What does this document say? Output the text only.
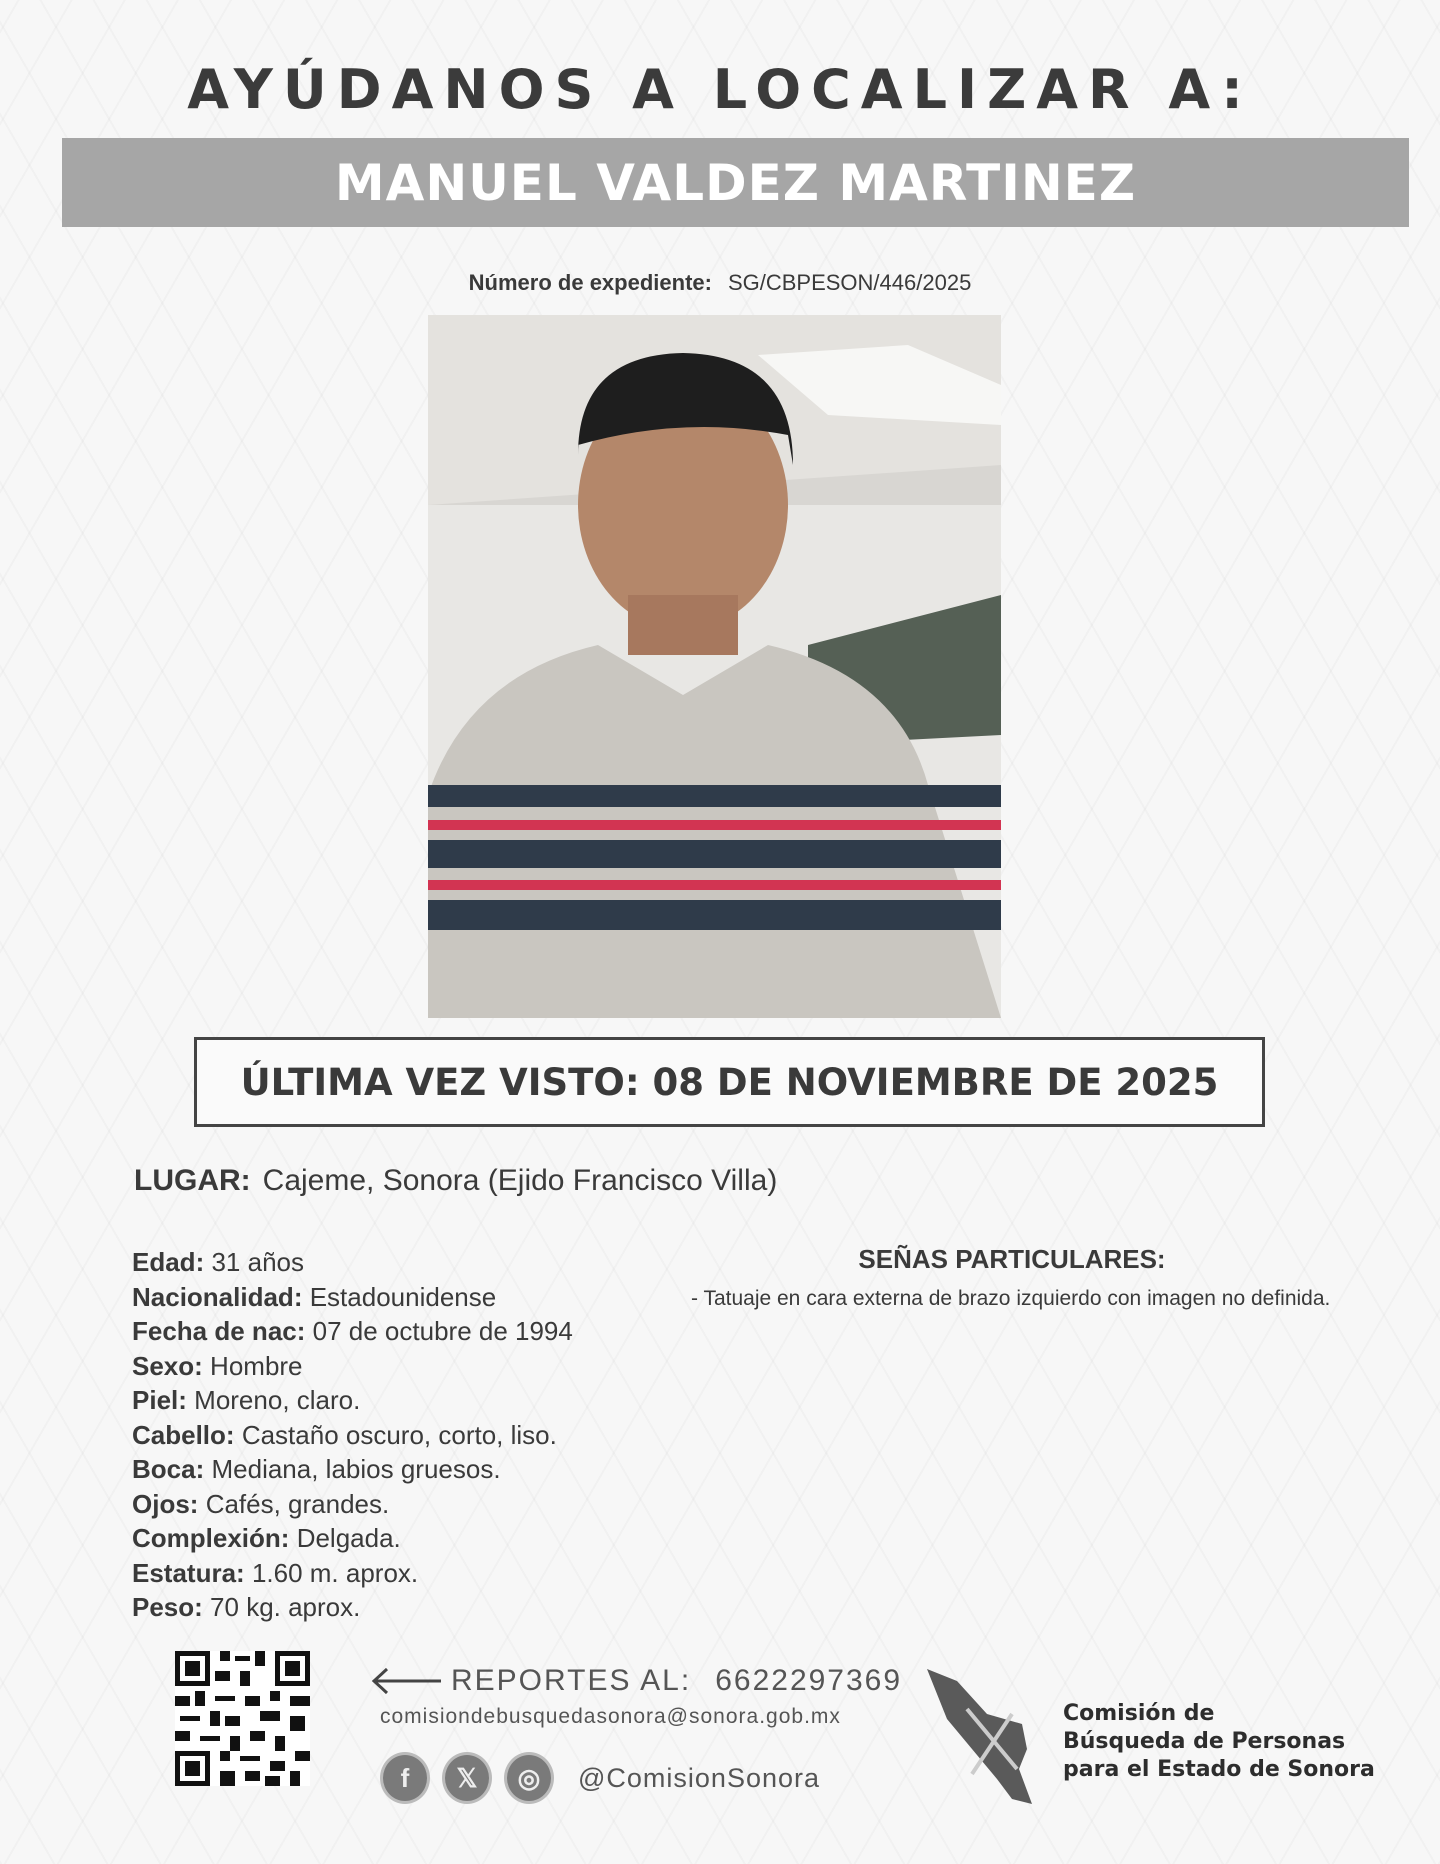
AYÚDANOS A LOCALIZAR A:
MANUEL VALDEZ MARTINEZ
Número de expediente: SG/CBPESON/446/2025
ÚLTIMA VEZ VISTO: 08 DE NOVIEMBRE DE 2025
LUGAR: Cajeme, Sonora (Ejido Francisco Villa)
Edad: 31 años
Nacionalidad: Estadounidense
Fecha de nac: 07 de octubre de 1994
Sexo: Hombre
Piel: Moreno, claro.
Cabello: Castaño oscuro, corto, liso.
Boca: Mediana, labios gruesos.
Ojos: Cafés, grandes.
Complexión: Delgada.
Estatura: 1.60 m. aprox.
Peso: 70 kg. aprox.
SEÑAS PARTICULARES:
- Tatuaje en cara externa de brazo izquierdo con imagen no definida.
REPORTES AL: 6622297369
comisiondebusquedasonora@sonora.gob.mx
f	𝕏	◎	@ComisionSonora
Comisión de
Búsqueda de Personas
para el Estado de Sonora
